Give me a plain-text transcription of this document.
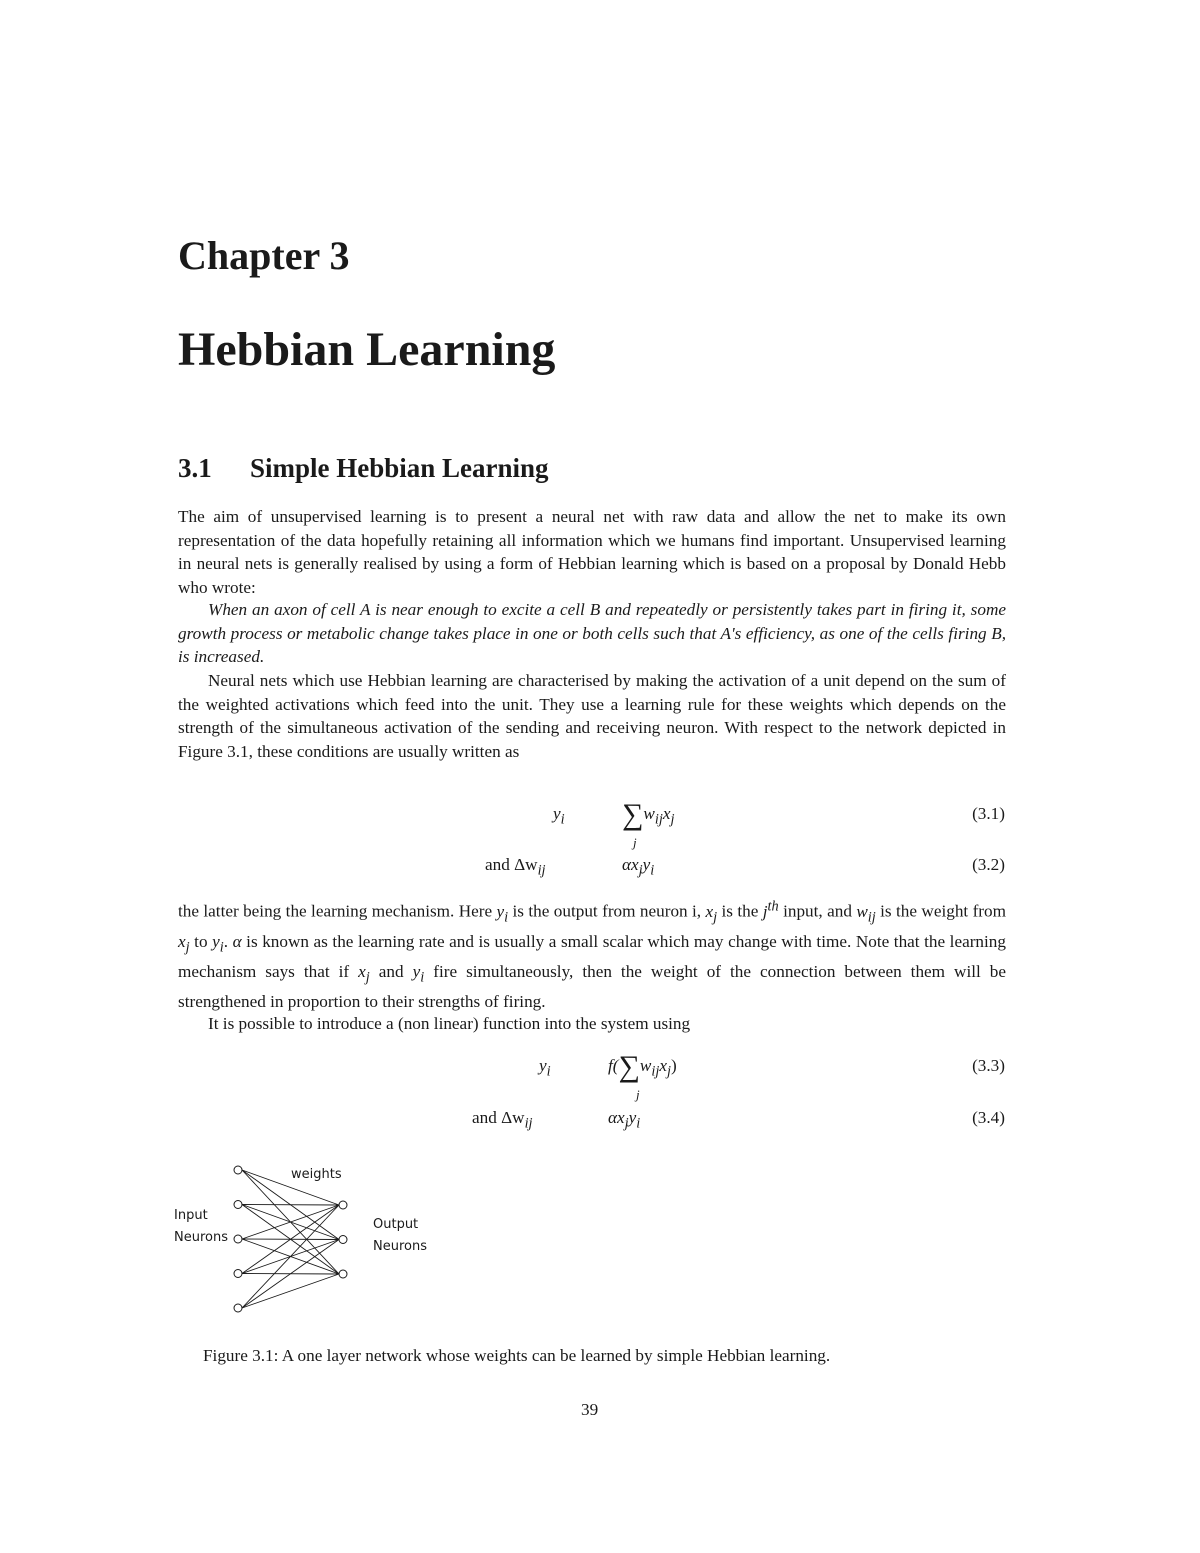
Chapter 3
Hebbian Learning
3.1 Simple Hebbian Learning

The aim of unsupervised learning is to present a neural net with raw data and allow the net to make its own representation of the data hopefully retaining all information which we humans find important. Unsupervised learning in neural nets is generally realised by using a form of Hebbian learning which is based on a proposal by Donald Hebb who wrote:

When an axon of cell A is near enough to excite a cell B and repeatedly or persistently takes part in firing it, some growth process or metabolic change takes place in one or both cells such that A's efficiency, as one of the cells firing B, is increased.

Neural nets which use Hebbian learning are characterised by making the activation of a unit depend on the sum of the weighted activations which feed into the unit. They use a learning rule for these weights which depends on the strength of the simultaneous activation of the sending and receiving neuron. With respect to the network depicted in Figure 3.1, these conditions are usually written as

$y_i$ $\sum w_{ij}x_j$
j
(3.1)
and $\Delta w_{ij}$	$\alpha x_jy_i$	(3.2)

the latter being the learning mechanism. Here $y_i$ is the output from neuron i, $x_j$ is the $j^{th}$ input, and $w_{ij}$ is the weight from $x_j$ to $y_i$. α is known as the learning rate and is usually a small scalar which may change with time. Note that the learning mechanism says that if $x_j$ and $y_i$ fire simultaneously, then the weight of the connection between them will be strengthened in proportion to their strengths of firing.

It is possible to introduce a (non linear) function into the system using

$y_i$	$f(\sum w_{ij}x_j)$
j
(3.3)
and $\Delta w_{ij}$	$\alpha x_jy_i$	(3.4)
weights
Input
Neurons
Output
Neurons
Figure 3.1: A one layer network whose weights can be learned by simple Hebbian learning.
39
